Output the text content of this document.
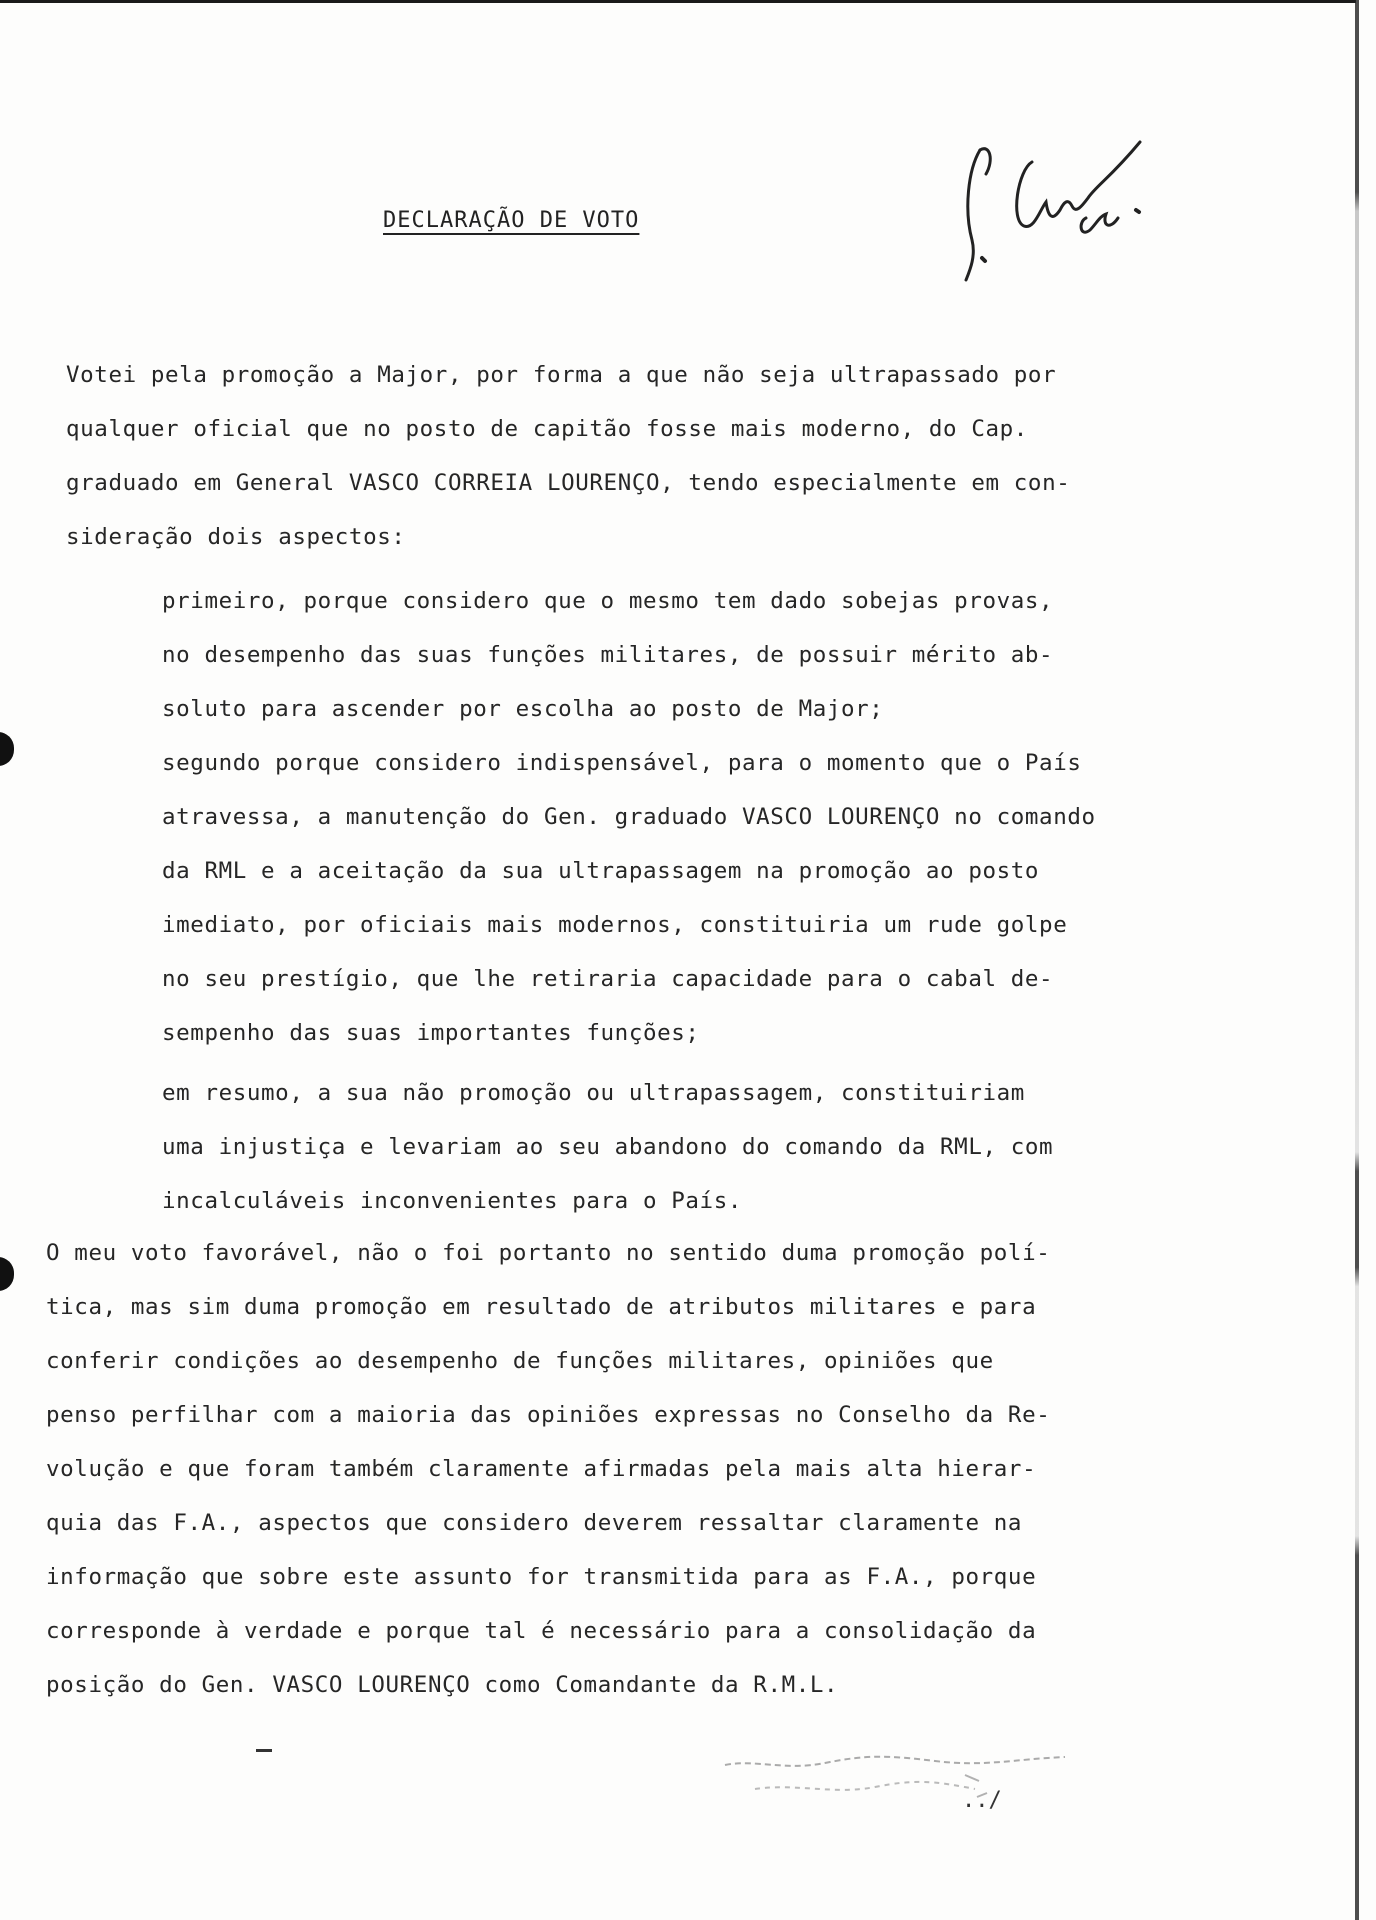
DECLARAÇÃO DE VOTO

Votei pela promoção a Major, por forma a que não seja ultrapassado por

qualquer oficial que no posto de capitão fosse mais moderno, do Cap.

graduado em General VASCO CORREIA LOURENÇO, tendo especialmente em con-

sideração dois aspectos:

primeiro, porque considero que o mesmo tem dado sobejas provas,

no desempenho das suas funções militares, de possuir mérito ab-

soluto para ascender por escolha ao posto de Major;

segundo porque considero indispensável, para o momento que o País

atravessa, a manutenção do Gen. graduado VASCO LOURENÇO no comando

da RML e a aceitação da sua ultrapassagem na promoção ao posto

imediato, por oficiais mais modernos, constituiria um rude golpe

no seu prestígio, que lhe retiraria capacidade para o cabal de-

sempenho das suas importantes funções;

em resumo, a sua não promoção ou ultrapassagem, constituiriam

uma injustiça e levariam ao seu abandono do comando da RML, com

incalculáveis inconvenientes para o País.

O meu voto favorável, não o foi portanto no sentido duma promoção polí-

tica, mas sim duma promoção em resultado de atributos militares e para

conferir condições ao desempenho de funções militares, opiniões que

penso perfilhar com a maioria das opiniões expressas no Conselho da Re-

volução e que foram também claramente afirmadas pela mais alta hierar-

quia das F.A., aspectos que considero deverem ressaltar claramente na

informação que sobre este assunto for transmitida para as F.A., porque

corresponde à verdade e porque tal é necessário para a consolidação da

posição do Gen. VASCO LOURENÇO como Comandante da R.M.L.

../
